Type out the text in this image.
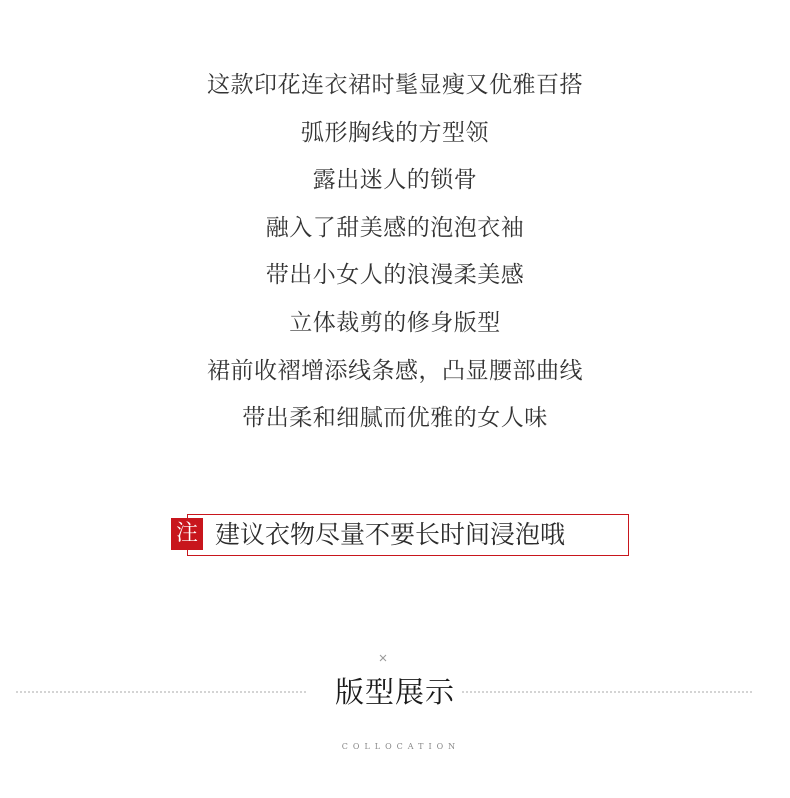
这款印花连衣裙时髦显瘦又优雅百搭
弧形胸线的方型领
露出迷人的锁骨
融入了甜美感的泡泡衣袖
带出小女人的浪漫柔美感
立体裁剪的修身版型
裙前收褶增添线条感，凸显腰部曲线
带出柔和细腻而优雅的女人味
注 建议衣物尽量不要长时间浸泡哦
版型展示
COLLOCATION
